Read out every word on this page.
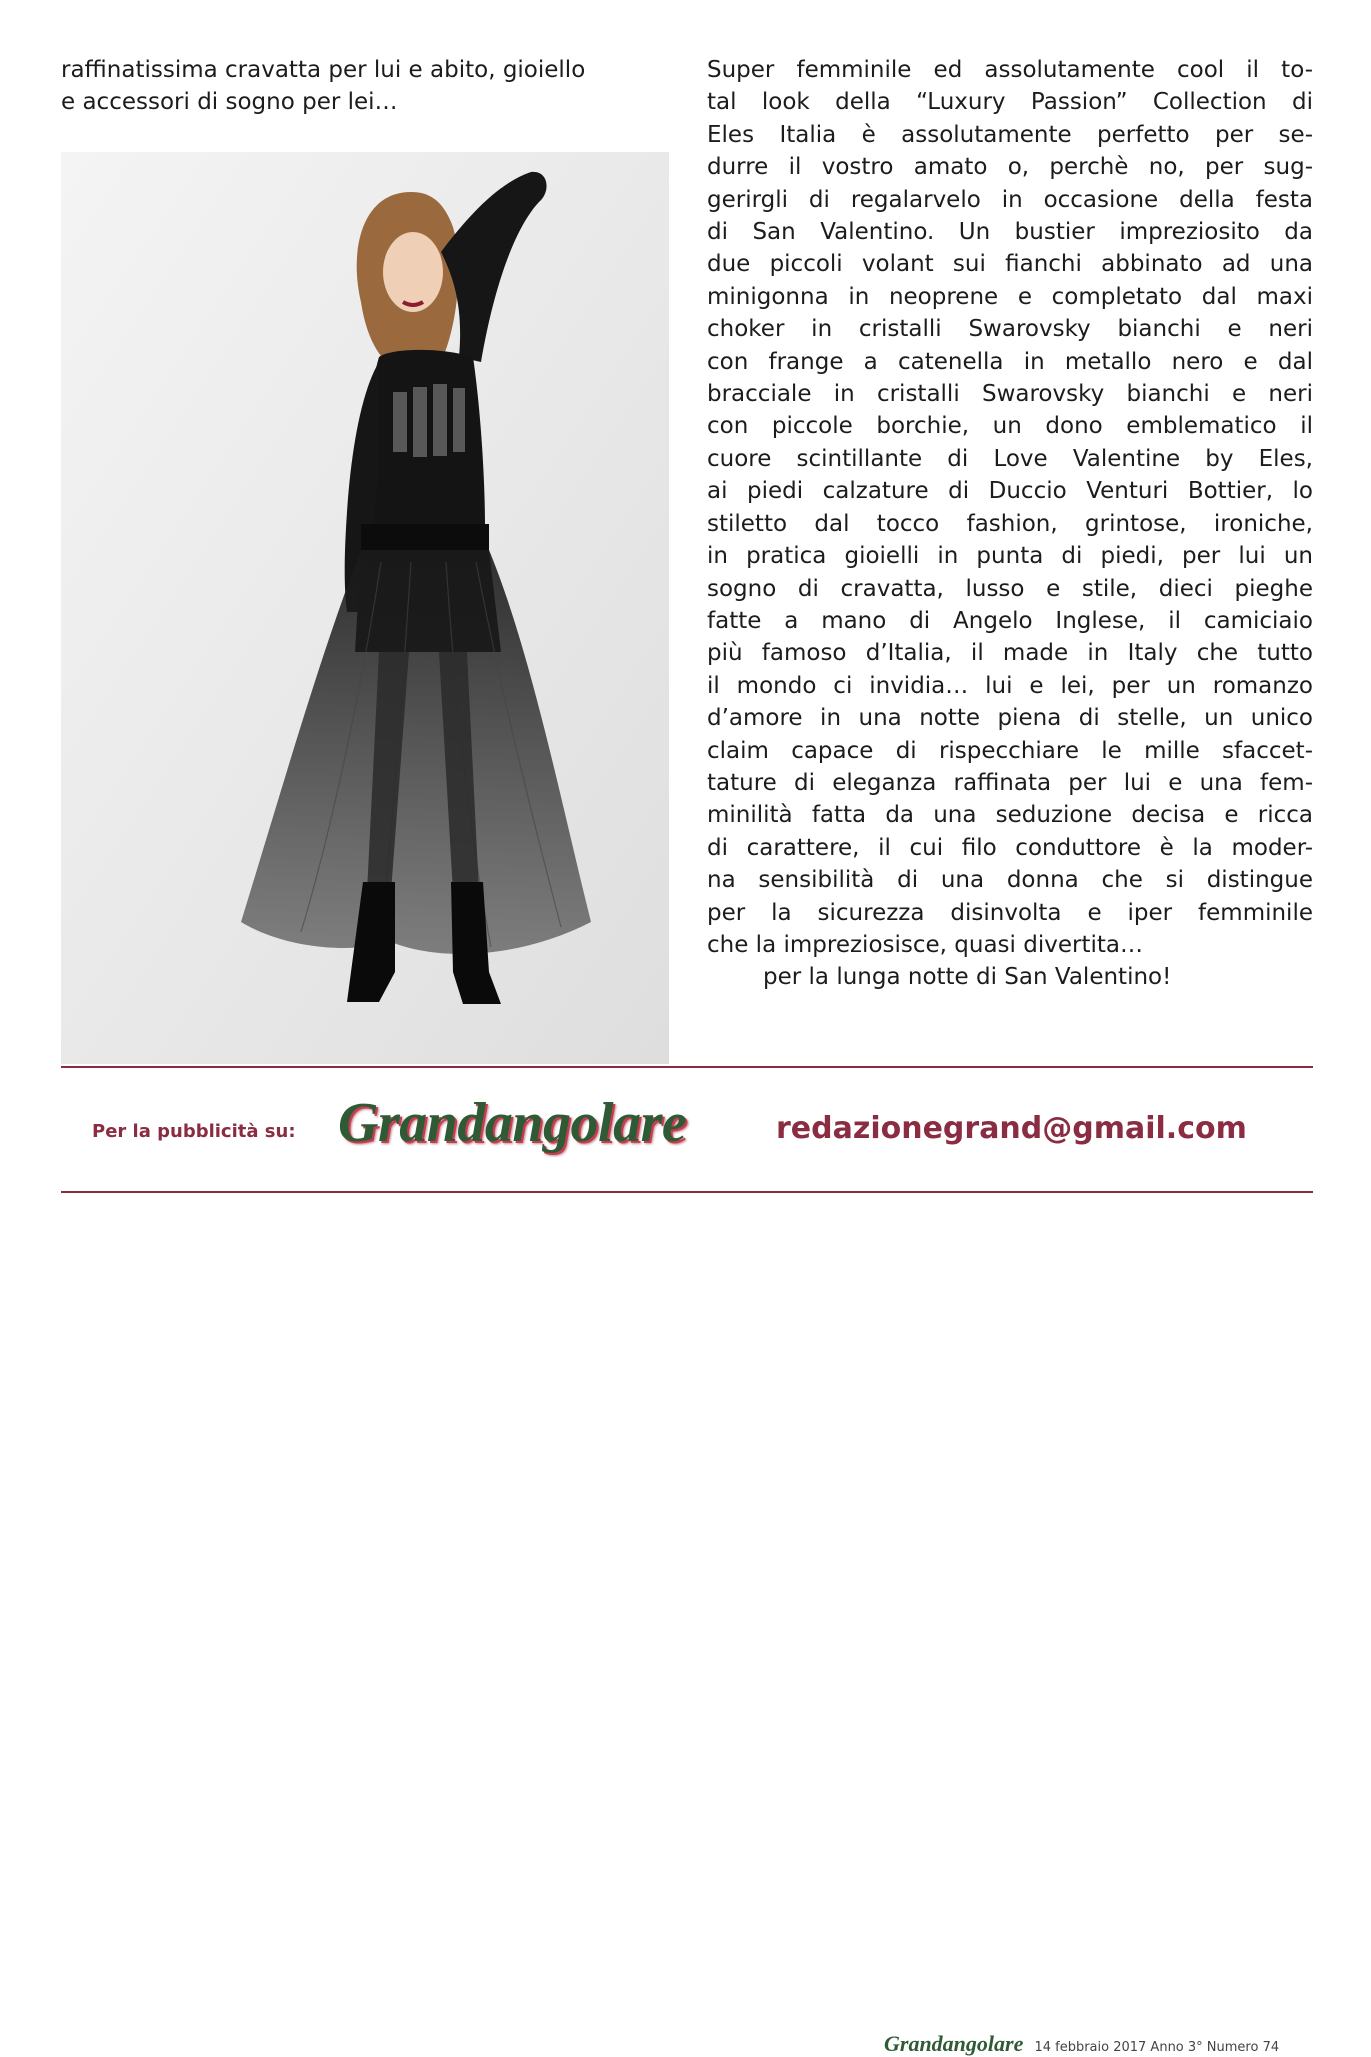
raffinatissima cravatta per lui e abito, gioiello

e accessori di sogno per lei…

Super femminile ed assolutamente cool il to-

tal look della “Luxury Passion” Collection di

Eles Italia è assolutamente perfetto per se-

durre il vostro amato o, perchè no, per sug-

gerirgli di regalarvelo in occasione della festa

di San Valentino. Un bustier impreziosito da

due piccoli volant sui fianchi abbinato ad una

minigonna in neoprene e completato dal maxi

choker in cristalli Swarovsky bianchi e neri

con frange a catenella in metallo nero e dal

bracciale in cristalli Swarovsky bianchi e neri

con piccole borchie, un dono emblematico il

cuore scintillante di Love Valentine by Eles,

ai piedi calzature di Duccio Venturi Bottier, lo

stiletto dal tocco fashion, grintose, ironiche,

in pratica gioielli in punta di piedi, per lui un

sogno di cravatta, lusso e stile, dieci pieghe

fatte a mano di Angelo Inglese, il camiciaio

più famoso d’Italia, il made in Italy che tutto

il mondo ci invidia… lui e lei, per un romanzo

d’amore in una notte piena di stelle, un unico

claim capace di rispecchiare le mille sfaccet-

tature di eleganza raffinata per lui e una fem-

minilità fatta da una seduzione decisa e ricca

di carattere, il cui filo conduttore è la moder-

na sensibilità di una donna che si distingue

per la sicurezza disinvolta e iper femminile

che la impreziosisce, quasi divertita…

per la lunga notte di San Valentino!

Per la pubblicità su: Grandangolare	redazionegrand@gmail.com
Grandangolare 14 febbraio 2017 Anno 3° Numero 74
